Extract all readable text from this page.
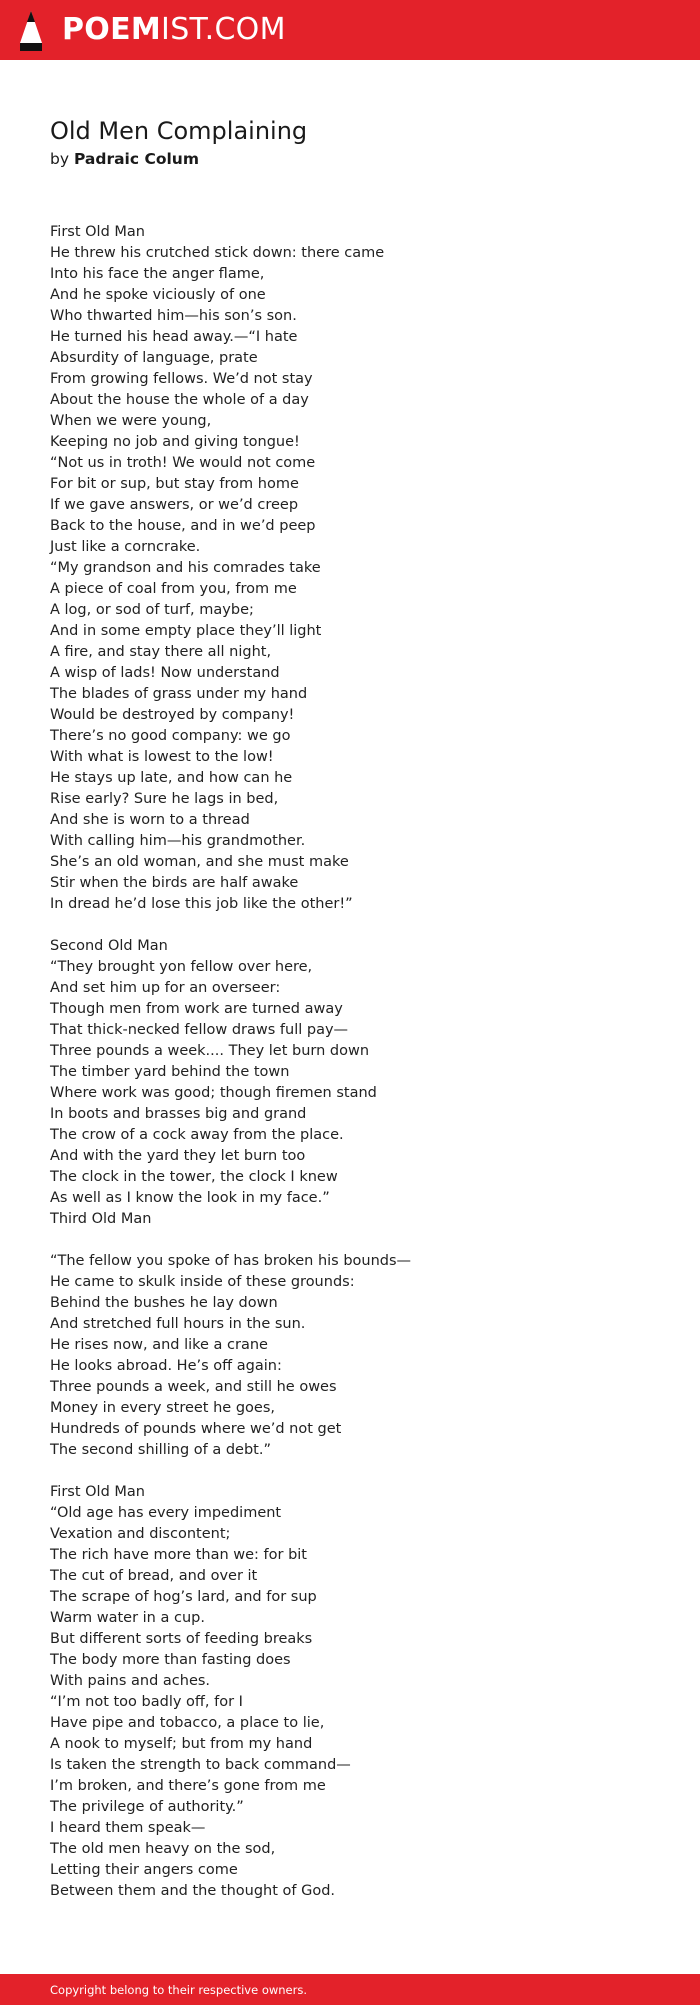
POEMIST.COM
Old Men Complaining
by Padraic Colum
First Old Man
He threw his crutched stick down: there came
Into his face the anger flame,
And he spoke viciously of one
Who thwarted him—his son’s son.
He turned his head away.—“I hate
Absurdity of language, prate
From growing fellows. We’d not stay
About the house the whole of a day
When we were young,
Keeping no job and giving tongue!
“Not us in troth! We would not come
For bit or sup, but stay from home
If we gave answers, or we’d creep
Back to the house, and in we’d peep
Just like a corncrake.
“My grandson and his comrades take
A piece of coal from you, from me
A log, or sod of turf, maybe;
And in some empty place they’ll light
A fire, and stay there all night,
A wisp of lads! Now understand
The blades of grass under my hand
Would be destroyed by company!
There’s no good company: we go
With what is lowest to the low!
He stays up late, and how can he
Rise early? Sure he lags in bed,
And she is worn to a thread
With calling him—his grandmother.
She’s an old woman, and she must make
Stir when the birds are half awake
In dread he’d lose this job like the other!”
Second Old Man
“They brought yon fellow over here,
And set him up for an overseer:
Though men from work are turned away
That thick-necked fellow draws full pay—
Three pounds a week.... They let burn down
The timber yard behind the town
Where work was good; though firemen stand
In boots and brasses big and grand
The crow of a cock away from the place.
And with the yard they let burn too
The clock in the tower, the clock I knew
As well as I know the look in my face.”
Third Old Man
“The fellow you spoke of has broken his bounds—
He came to skulk inside of these grounds:
Behind the bushes he lay down
And stretched full hours in the sun.
He rises now, and like a crane
He looks abroad. He’s off again:
Three pounds a week, and still he owes
Money in every street he goes,
Hundreds of pounds where we’d not get
The second shilling of a debt.”
First Old Man
“Old age has every impediment
Vexation and discontent;
The rich have more than we: for bit
The cut of bread, and over it
The scrape of hog’s lard, and for sup
Warm water in a cup.
But different sorts of feeding breaks
The body more than fasting does
With pains and aches.
“I’m not too badly off, for I
Have pipe and tobacco, a place to lie,
A nook to myself; but from my hand
Is taken the strength to back command—
I’m broken, and there’s gone from me
The privilege of authority.”
I heard them speak—
The old men heavy on the sod,
Letting their angers come
Between them and the thought of God.
Copyright belong to their respective owners.
